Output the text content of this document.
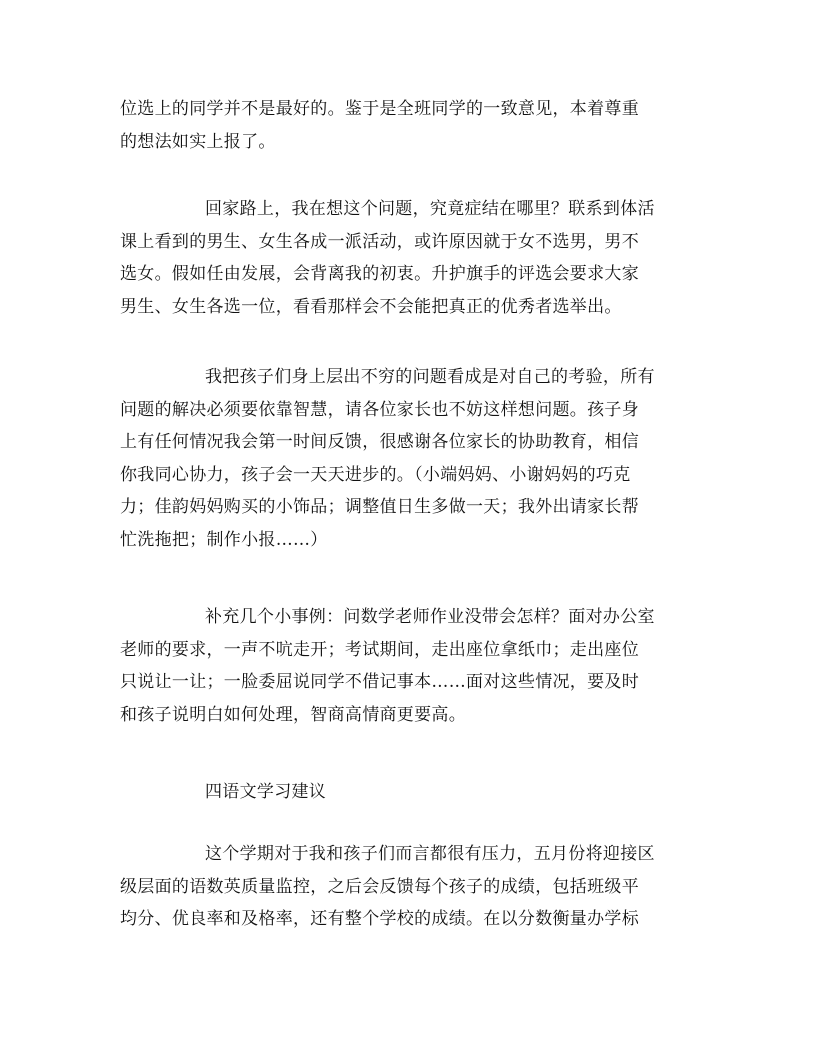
位选上的同学并不是最好的。鉴于是全班同学的一致意见，本着尊重
的想法如实上报了。
回家路上，我在想这个问题，究竟症结在哪里？联系到体活
课上看到的男生、女生各成一派活动，或许原因就于女不选男，男不
选女。假如任由发展，会背离我的初衷。升护旗手的评选会要求大家
男生、女生各选一位，看看那样会不会能把真正的优秀者选举出。
我把孩子们身上层出不穷的问题看成是对自己的考验，所有
问题的解决必须要依靠智慧，请各位家长也不妨这样想问题。孩子身
上有任何情况我会第一时间反馈，很感谢各位家长的协助教育，相信
你我同心协力，孩子会一天天进步的。（小端妈妈、小谢妈妈的巧克
力；佳韵妈妈购买的小饰品；调整值日生多做一天；我外出请家长帮
忙洗拖把；制作小报……）
补充几个小事例：问数学老师作业没带会怎样？面对办公室
老师的要求，一声不吭走开；考试期间，走出座位拿纸巾；走出座位
只说让一让；一脸委屈说同学不借记事本……面对这些情况，要及时
和孩子说明白如何处理，智商高情商更要高。
四语文学习建议
这个学期对于我和孩子们而言都很有压力，五月份将迎接区
级层面的语数英质量监控，之后会反馈每个孩子的成绩，包括班级平
均分、优良率和及格率，还有整个学校的成绩。在以分数衡量办学标
